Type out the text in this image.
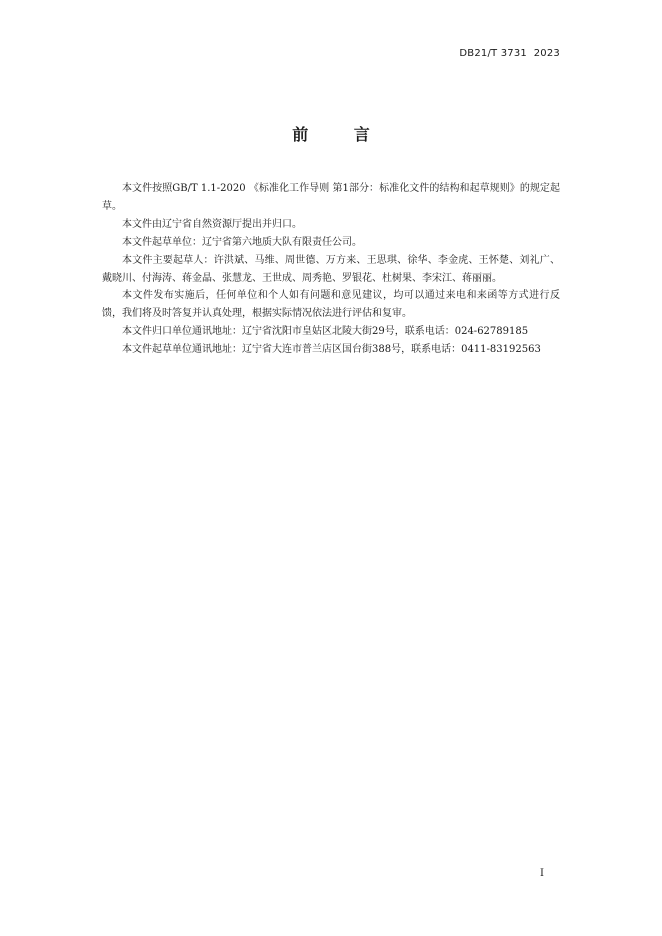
DB21/T 3731  2023
前 言

本文件按照GB/T 1.1-2020 《标准化工作导则 第1部分：标准化文件的结构和起草规则》的规定起草。

本文件由辽宁省自然资源厅提出并归口。

本文件起草单位：辽宁省第六地质大队有限责任公司。

本文件主要起草人：许洪斌、马维、周世德、万方来、王思琪、徐华、李金虎、王怀楚、刘礼广、戴晓川、付海涛、蒋金晶、张慧龙、王世成、周秀艳、罗银花、杜树果、李宋江、蒋丽丽。

本文件发布实施后，任何单位和个人如有问题和意见建议，均可以通过来电和来函等方式进行反馈，我们将及时答复并认真处理，根据实际情况依法进行评估和复审。

本文件归口单位通讯地址：辽宁省沈阳市皇姑区北陵大街29号，联系电话：024-62789185

本文件起草单位通讯地址：辽宁省大连市普兰店区国台街388号，联系电话：0411-83192563

I
